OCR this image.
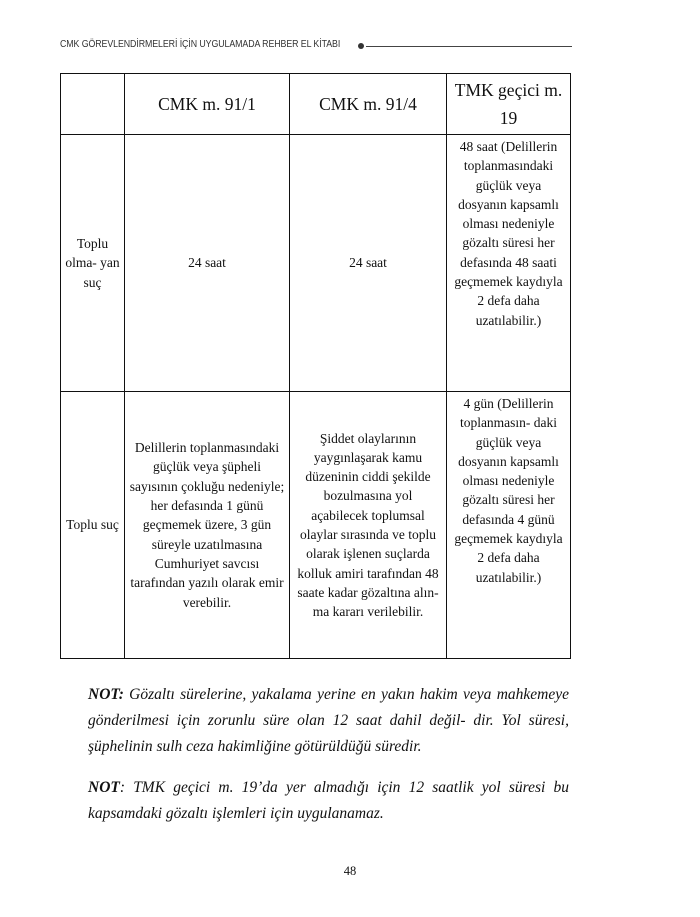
CMK GÖREVLENDİRMELERİ İÇİN UYGULAMADA REHBER EL KİTABI
	CMK m. 91/1	CMK m. 91/4	TMK geçici m. 19
Toplu olma- yan suç	24 saat	24 saat	48 saat (Delillerin toplanmasındaki güçlük veya dosyanın kapsamlı olması nedeniyle gözaltı süresi her defasında 48 saati geçmemek kaydıyla 2 defa daha uzatılabilir.)
Toplu suç	Delillerin toplanmasındaki güçlük veya şüpheli sayısının çokluğu nedeniyle; her defasında 1 günü geçmemek üzere, 3 gün süreyle uzatılmasına Cumhuriyet savcısı tarafından yazılı olarak emir verebilir.	Şiddet olaylarının yaygınlaşarak kamu düzeninin ciddi şekilde bozulmasına yol açabilecek toplumsal olaylar sırasında ve toplu olarak işlenen suçlarda kolluk amiri tarafından 48 saate kadar gözaltına alın- ma kararı verilebilir.	4 gün (Delillerin toplanmasın- daki güçlük veya dosyanın kapsamlı olması nedeniyle gözaltı süresi her defasında 4 günü geçmemek kaydıyla 2 defa daha uzatılabilir.)

NOT: Gözaltı sürelerine, yakalama yerine en yakın hakim veya mahkemeye gönderilmesi için zorunlu süre olan 12 saat dahil değil- dir. Yol süresi, şüphelinin sulh ceza hakimliğine götürüldüğü süredir.

NOT: TMK geçici m. 19’da yer almadığı için 12 saatlik yol süresi bu kapsamdaki gözaltı işlemleri için uygulanamaz.

48
